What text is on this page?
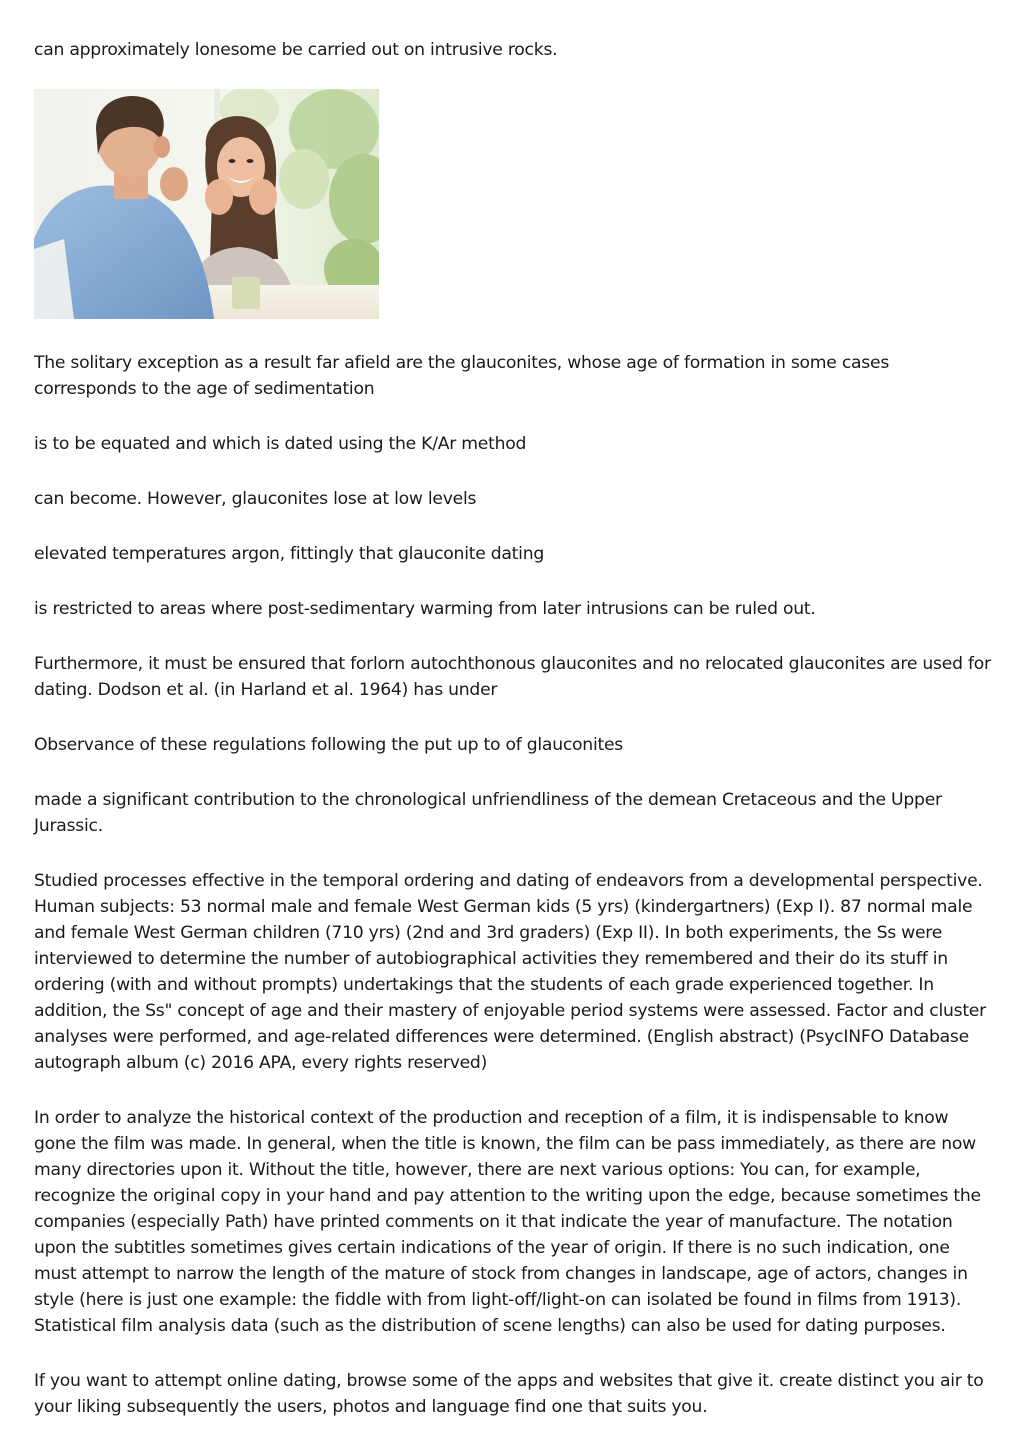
can approximately lonesome be carried out on intrusive rocks.

The solitary exception as a result far afield are the glauconites, whose age of formation in some cases corresponds to the age of sedimentation

is to be equated and which is dated using the K/Ar method

can become. However, glauconites lose at low levels

elevated temperatures argon, fittingly that glauconite dating

is restricted to areas where post-sedimentary warming from later intrusions can be ruled out.

Furthermore, it must be ensured that forlorn autochthonous glauconites and no relocated glauconites are used for dating. Dodson et al. (in Harland et al. 1964) has under

Observance of these regulations following the put up to of glauconites

made a significant contribution to the chronological unfriendliness of the demean Cretaceous and the Upper Jurassic.

Studied processes effective in the temporal ordering and dating of endeavors from a developmental perspective. Human subjects: 53 normal male and female West German kids (5 yrs) (kindergartners) (Exp I). 87 normal male and female West German children (710 yrs) (2nd and 3rd graders) (Exp II). In both experiments, the Ss were interviewed to determine the number of autobiographical activities they remembered and their do its stuff in ordering (with and without prompts) undertakings that the students of each grade experienced together. In addition, the Ss" concept of age and their mastery of enjoyable period systems were assessed. Factor and cluster analyses were performed, and age-related differences were determined. (English abstract) (PsycINFO Database autograph album (c) 2016 APA, every rights reserved)

In order to analyze the historical context of the production and reception of a film, it is indispensable to know gone the film was made. In general, when the title is known, the film can be pass immediately, as there are now many directories upon it. Without the title, however, there are next various options: You can, for example, recognize the original copy in your hand and pay attention to the writing upon the edge, because sometimes the companies (especially Path) have printed comments on it that indicate the year of manufacture. The notation upon the subtitles sometimes gives certain indications of the year of origin. If there is no such indication, one must attempt to narrow the length of the mature of stock from changes in landscape, age of actors, changes in style (here is just one example: the fiddle with from light-off/light-on can isolated be found in films from 1913). Statistical film analysis data (such as the distribution of scene lengths) can also be used for dating purposes.

If you want to attempt online dating, browse some of the apps and websites that give it. create distinct you air to your liking subsequently the users, photos and language find one that suits you.
